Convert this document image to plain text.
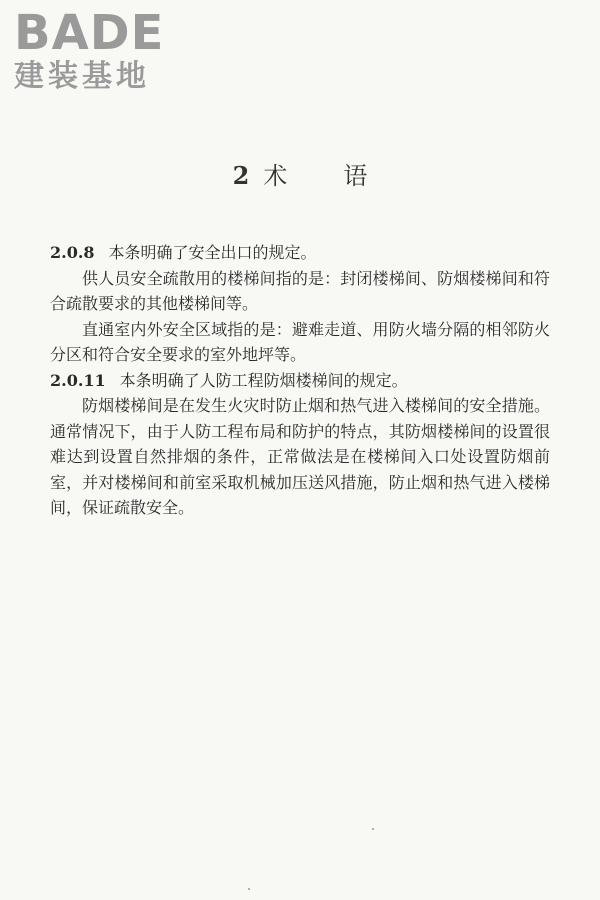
BADE
建装基地
2 术 语

2.0.8 本条明确了安全出口的规定。

供人员安全疏散用的楼梯间指的是：封闭楼梯间、防烟楼梯间和符合疏散要求的其他楼梯间等。

直通室内外安全区域指的是：避难走道、用防火墙分隔的相邻防火分区和符合安全要求的室外地坪等。

2.0.11 本条明确了人防工程防烟楼梯间的规定。

防烟楼梯间是在发生火灾时防止烟和热气进入楼梯间的安全措施。通常情况下，由于人防工程布局和防护的特点，其防烟楼梯间的设置很难达到设置自然排烟的条件，正常做法是在楼梯间入口处设置防烟前室，并对楼梯间和前室采取机械加压送风措施，防止烟和热气进入楼梯间，保证疏散安全。
